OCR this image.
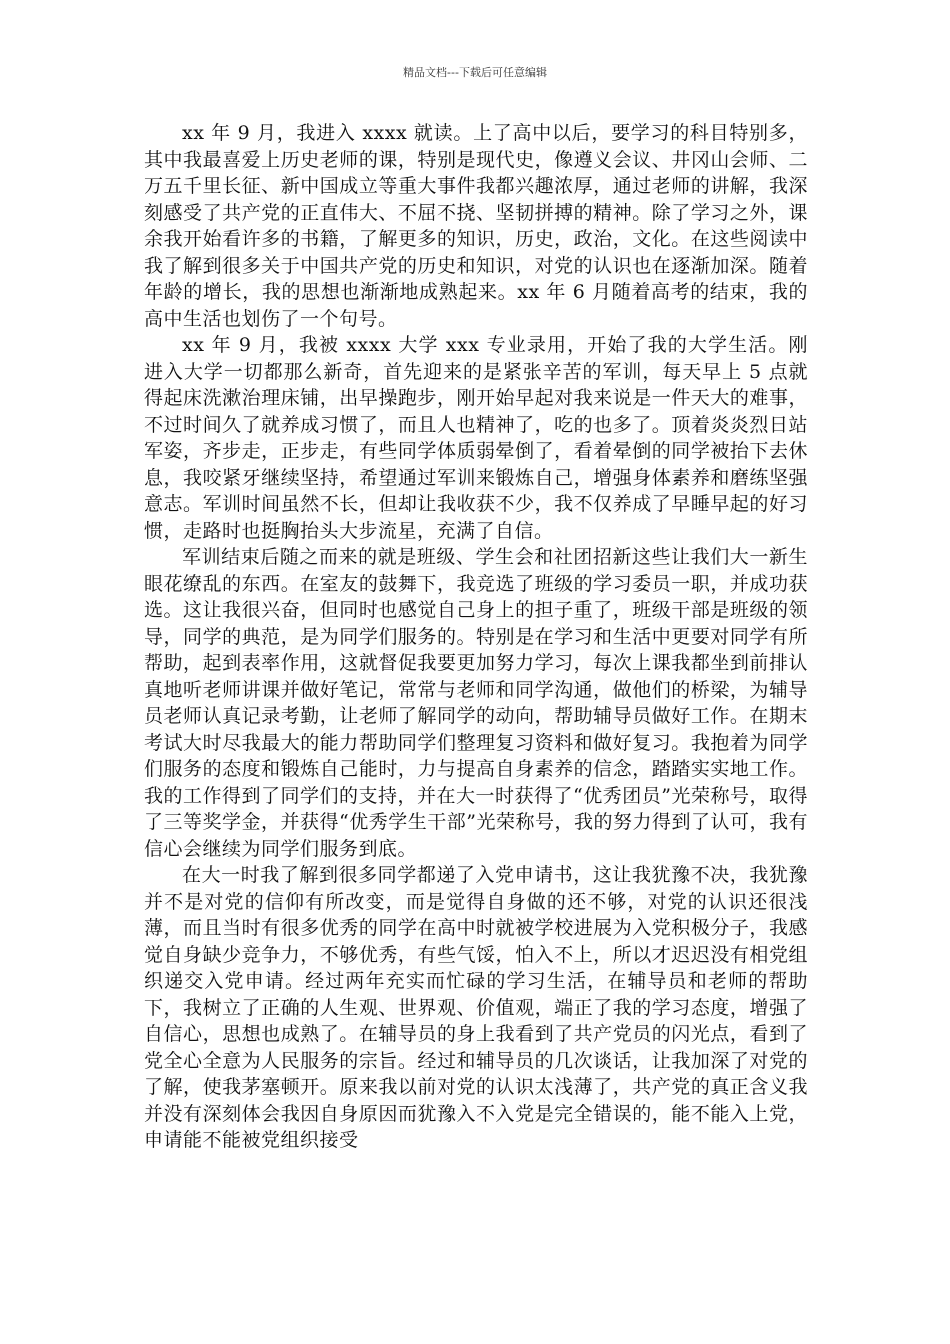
精品文档---下载后可任意编辑

xx 年 9 月，我进入 xxxx 就读。上了高中以后，要学习的科目特别多，其中我最喜爱上历史老师的课，特别是现代史，像遵义会议、井冈山会师、二万五千里长征、新中国成立等重大事件我都兴趣浓厚，通过老师的讲解，我深刻感受了共产党的正直伟大、不屈不挠、坚韧拼搏的精神。除了学习之外，课余我开始看许多的书籍，了解更多的知识，历史，政治，文化。在这些阅读中我了解到很多关于中国共产党的历史和知识，对党的认识也在逐渐加深。随着年龄的增长，我的思想也渐渐地成熟起来。xx 年 6 月随着高考的结束，我的高中生活也划伤了一个句号。

xx 年 9 月，我被 xxxx 大学 xxx 专业录用，开始了我的大学生活。刚进入大学一切都那么新奇，首先迎来的是紧张辛苦的军训，每天早上 5 点就得起床洗漱治理床铺，出早操跑步，刚开始早起对我来说是一件天大的难事，不过时间久了就养成习惯了，而且人也精神了，吃的也多了。顶着炎炎烈日站军姿，齐步走，正步走，有些同学体质弱晕倒了，看着晕倒的同学被抬下去休息，我咬紧牙继续坚持，希望通过军训来锻炼自己，增强身体素养和磨练坚强意志。军训时间虽然不长，但却让我收获不少，我不仅养成了早睡早起的好习惯，走路时也挺胸抬头大步流星，充满了自信。

军训结束后随之而来的就是班级、学生会和社团招新这些让我们大一新生眼花缭乱的东西。在室友的鼓舞下，我竞选了班级的学习委员一职，并成功获选。这让我很兴奋，但同时也感觉自己身上的担子重了，班级干部是班级的领导，同学的典范，是为同学们服务的。特别是在学习和生活中更要对同学有所帮助，起到表率作用，这就督促我要更加努力学习，每次上课我都坐到前排认真地听老师讲课并做好笔记，常常与老师和同学沟通，做他们的桥梁，为辅导员老师认真记录考勤，让老师了解同学的动向，帮助辅导员做好工作。在期末考试大时尽我最大的能力帮助同学们整理复习资料和做好复习。我抱着为同学们服务的态度和锻炼自己能时，力与提高自身素养的信念，踏踏实实地工作。我的工作得到了同学们的支持，并在大一时获得了“优秀团员”光荣称号，取得了三等奖学金，并获得“优秀学生干部”光荣称号，我的努力得到了认可，我有信心会继续为同学们服务到底。

在大一时我了解到很多同学都递了入党申请书，这让我犹豫不决，我犹豫并不是对党的信仰有所改变，而是觉得自身做的还不够，对党的认识还很浅薄，而且当时有很多优秀的同学在高中时就被学校进展为入党积极分子，我感觉自身缺少竞争力，不够优秀，有些气馁，怕入不上，所以才迟迟没有相党组织递交入党申请。经过两年充实而忙碌的学习生活，在辅导员和老师的帮助下，我树立了正确的人生观、世界观、价值观，端正了我的学习态度，增强了自信心，思想也成熟了。在辅导员的身上我看到了共产党员的闪光点，看到了党全心全意为人民服务的宗旨。经过和辅导员的几次谈话，让我加深了对党的了解，使我茅塞顿开。原来我以前对党的认识太浅薄了，共产党的真正含义我并没有深刻体会我因自身原因而犹豫入不入党是完全错误的，能不能入上党，申请能不能被党组织接受
